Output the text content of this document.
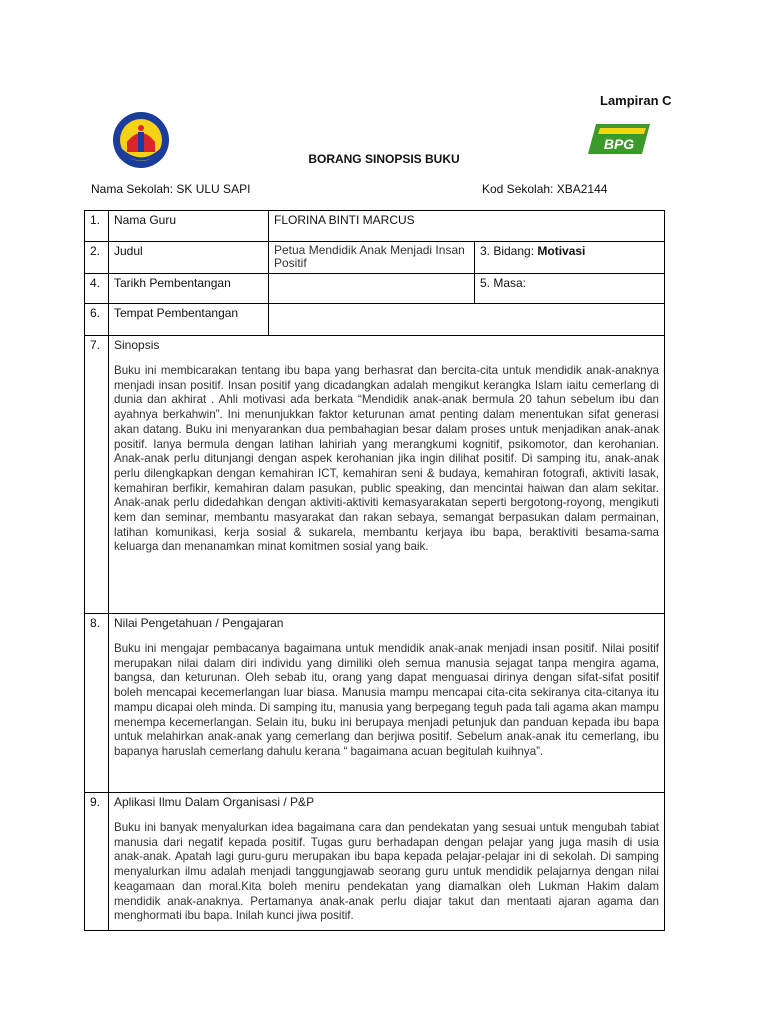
Lampiran C
BPG
BORANG SINOPSIS BUKU
Nama Sekolah: SK ULU SAPI	Kod Sekolah: XBA2144
1.	Nama Guru	FLORINA BINTI MARCUS	
2.	Judul	Petua Mendidik Anak Menjadi Insan Positif	3. Bidang: Motivasi
4.	Tarikh Pembentangan		5. Masa:
6.	Tempat Pembentangan		
7.	Sinopsis
Buku ini membicarakan tentang ibu bapa yang berhasrat dan bercita-cita untuk mendidik anak-anaknya menjadi insan positif. Insan positif yang dicadangkan adalah mengikut kerangka Islam iaitu cemerlang di dunia dan akhirat . Ahli motivasi ada berkata “Mendidik anak-anak bermula 20 tahun sebelum ibu dan ayahnya berkahwin”. Ini menunjukkan faktor keturunan amat penting dalam menentukan sifat generasi akan datang. Buku ini menyarankan dua pembahagian besar dalam proses untuk menjadikan anak-anak positif. Ianya bermula dengan latihan lahiriah yang merangkumi kognitif, psikomotor, dan kerohanian. Anak-anak perlu ditunjangi dengan aspek kerohanian jika ingin dilihat positif. Di samping itu, anak-anak perlu dilengkapkan dengan kemahiran ICT, kemahiran seni & budaya, kemahiran fotografi, aktiviti lasak, kemahiran berfikir, kemahiran dalam pasukan, public speaking, dan mencintai haiwan dan alam sekitar. Anak-anak perlu didedahkan dengan aktiviti-aktiviti kemasyarakatan seperti bergotong-royong, mengikuti kem dan seminar, membantu masyarakat dan rakan sebaya, semangat berpasukan dalam permainan, latihan komunikasi, kerja sosial & sukarela, membantu kerjaya ibu bapa, beraktiviti besama-sama keluarga dan menanamkan minat komitmen sosial yang baik.		

8.	Nilai Pengetahuan / Pengajaran
Buku ini mengajar pembacanya bagaimana untuk mendidik anak-anak menjadi insan positif. Nilai positif merupakan nilai dalam diri individu yang dimiliki oleh semua manusia sejagat tanpa mengira agama, bangsa, dan keturunan. Oleh sebab itu, orang yang dapat menguasai dirinya dengan sifat-sifat positif boleh mencapai kecemerlangan luar biasa. Manusia mampu mencapai cita-cita sekiranya cita-citanya itu mampu dicapai oleh minda. Di samping itu, manusia yang berpegang teguh pada tali agama akan mampu menempa kecemerlangan. Selain itu, buku ini berupaya menjadi petunjuk dan panduan kepada ibu bapa untuk melahirkan anak-anak yang cemerlang dan berjiwa positif. Sebelum anak-anak itu cemerlang, ibu bapanya haruslah cemerlang dahulu kerana “ bagaimana acuan begitulah kuihnya”.		

9.	Aplikasi Ilmu Dalam Organisasi / P&P
Buku ini banyak menyalurkan idea bagaimana cara dan pendekatan yang sesuai untuk mengubah tabiat manusia dari negatif kepada positif. Tugas guru berhadapan dengan pelajar yang juga masih di usia anak-anak. Apatah lagi guru-guru merupakan ibu bapa kepada pelajar-pelajar ini di sekolah. Di samping menyalurkan ilmu adalah menjadi tanggungjawab seorang guru untuk mendidik pelajarnya dengan nilai keagamaan dan moral.Kita boleh meniru pendekatan yang diamalkan oleh Lukman Hakim dalam mendidik anak-anaknya. Pertamanya anak-anak perlu diajar takut dan mentaati ajaran agama dan menghormati ibu bapa. Inilah kunci jiwa positif.		
